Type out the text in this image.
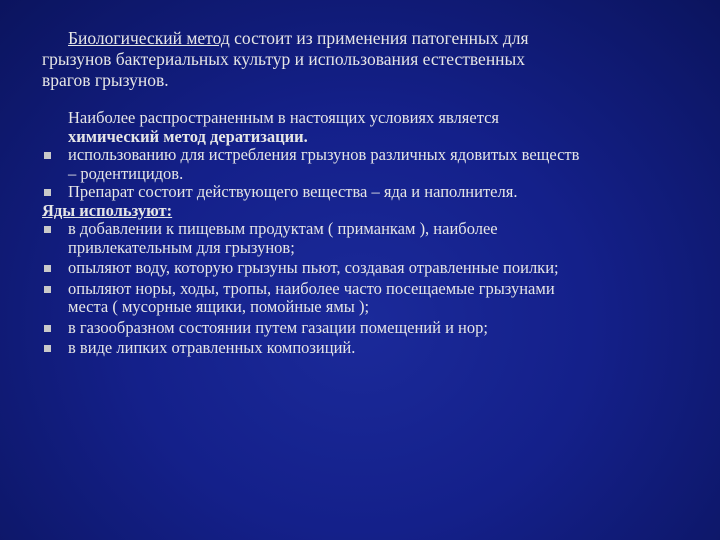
Биологический метод состоит из применения патогенных для
грызунов бактериальных культур и использования естественных
врагов грызунов.

Наиболее распространенным в настоящих условиях является
химический метод дератизации.
использованию для истребления грызунов различных ядовитых веществ
– родентицидов.
Препарат состоит действующего вещества – яда и наполнителя.
Яды используют:
в добавлении к пищевым продуктам ( приманкам ), наиболее
привлекательным для грызунов;
опыляют воду, которую грызуны пьют, создавая отравленные поилки;
опыляют норы, ходы, тропы, наиболее часто посещаемые грызунами
места ( мусорные ящики, помойные ямы );
в газообразном состоянии путем газации помещений и нор;
в виде липких отравленных композиций.
